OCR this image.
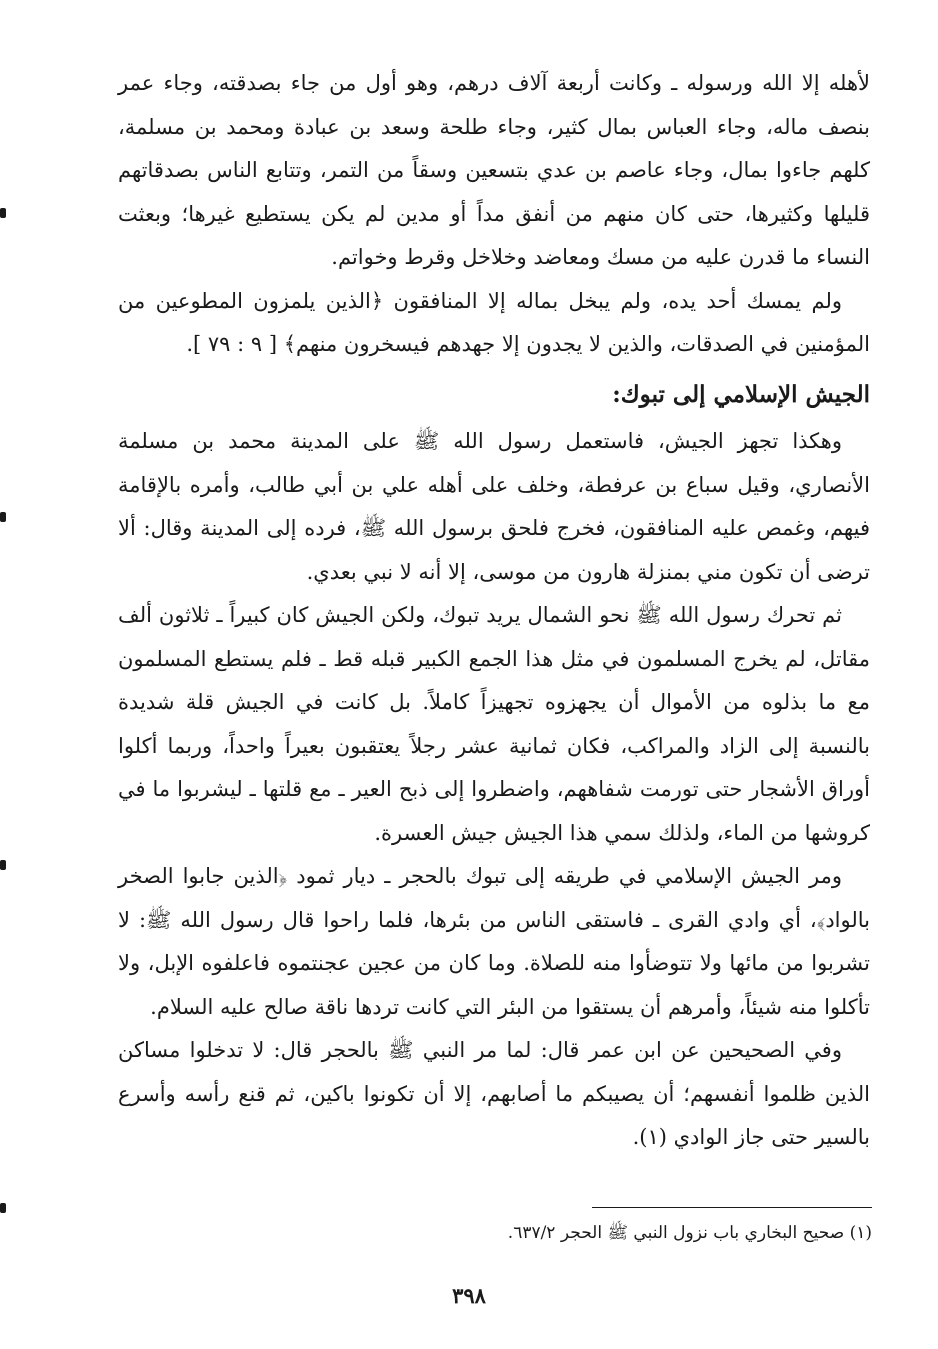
لأهله إلا الله ورسوله ـ وكانت أربعة آلاف درهم، وهو أول من جاء بصدقته، وجاء عمر بنصف ماله، وجاء العباس بمال كثير، وجاء طلحة وسعد بن عبادة ومحمد بن مسلمة، كلهم جاءوا بمال، وجاء عاصم بن عدي بتسعين وسقاً من التمر، وتتابع الناس بصدقاتهم قليلها وكثيرها، حتى كان منهم من أنفق مداً أو مدين لم يكن يستطيع غيرها؛ وبعثت النساء ما قدرن عليه من مسك ومعاضد وخلاخل وقرط وخواتم.

ولم يمسك أحد يده، ولم يبخل بماله إلا المنافقون ﴿الذين يلمزون المطوعين من المؤمنين في الصدقات، والذين لا يجدون إلا جهدهم فيسخرون منهم﴾ [ ٩ : ٧٩ ].

الجيش الإسلامي إلى تبوك:

وهكذا تجهز الجيش، فاستعمل رسول الله ﷺ على المدينة محمد بن مسلمة الأنصاري، وقيل سباع بن عرفطة، وخلف على أهله علي بن أبي طالب، وأمره بالإقامة فيهم، وغمص عليه المنافقون، فخرج فلحق برسول الله ﷺ، فرده إلى المدينة وقال: ألا ترضى أن تكون مني بمنزلة هارون من موسى، إلا أنه لا نبي بعدي.

ثم تحرك رسول الله ﷺ نحو الشمال يريد تبوك، ولكن الجيش كان كبيراً ـ ثلاثون ألف مقاتل، لم يخرج المسلمون في مثل هذا الجمع الكبير قبله قط ـ فلم يستطع المسلمون مع ما بذلوه من الأموال أن يجهزوه تجهيزاً كاملاً. بل كانت في الجيش قلة شديدة بالنسبة إلى الزاد والمراكب، فكان ثمانية عشر رجلاً يعتقبون بعيراً واحداً، وربما أكلوا أوراق الأشجار حتى تورمت شفاههم، واضطروا إلى ذبح العير ـ مع قلتها ـ ليشربوا ما في كروشها من الماء، ولذلك سمي هذا الجيش جيش العسرة.

ومر الجيش الإسلامي في طريقه إلى تبوك بالحجر ـ ديار ثمود ﴿الذين جابوا الصخر بالواد﴾، أي وادي القرى ـ فاستقى الناس من بئرها، فلما راحوا قال رسول الله ﷺ: لا تشربوا من مائها ولا تتوضأوا منه للصلاة. وما كان من عجين عجنتموه فاعلفوه الإبل، ولا تأكلوا منه شيئاً، وأمرهم أن يستقوا من البئر التي كانت تردها ناقة صالح عليه السلام.

وفي الصحيحين عن ابن عمر قال: لما مر النبي ﷺ بالحجر قال: لا تدخلوا مساكن الذين ظلموا أنفسهم؛ أن يصيبكم ما أصابهم، إلا أن تكونوا باكين، ثم قنع رأسه وأسرع بالسير حتى جاز الوادي (١).

(١) صحيح البخاري باب نزول النبي ﷺ الحجر ٦٣٧/٢.
٣٩٨
